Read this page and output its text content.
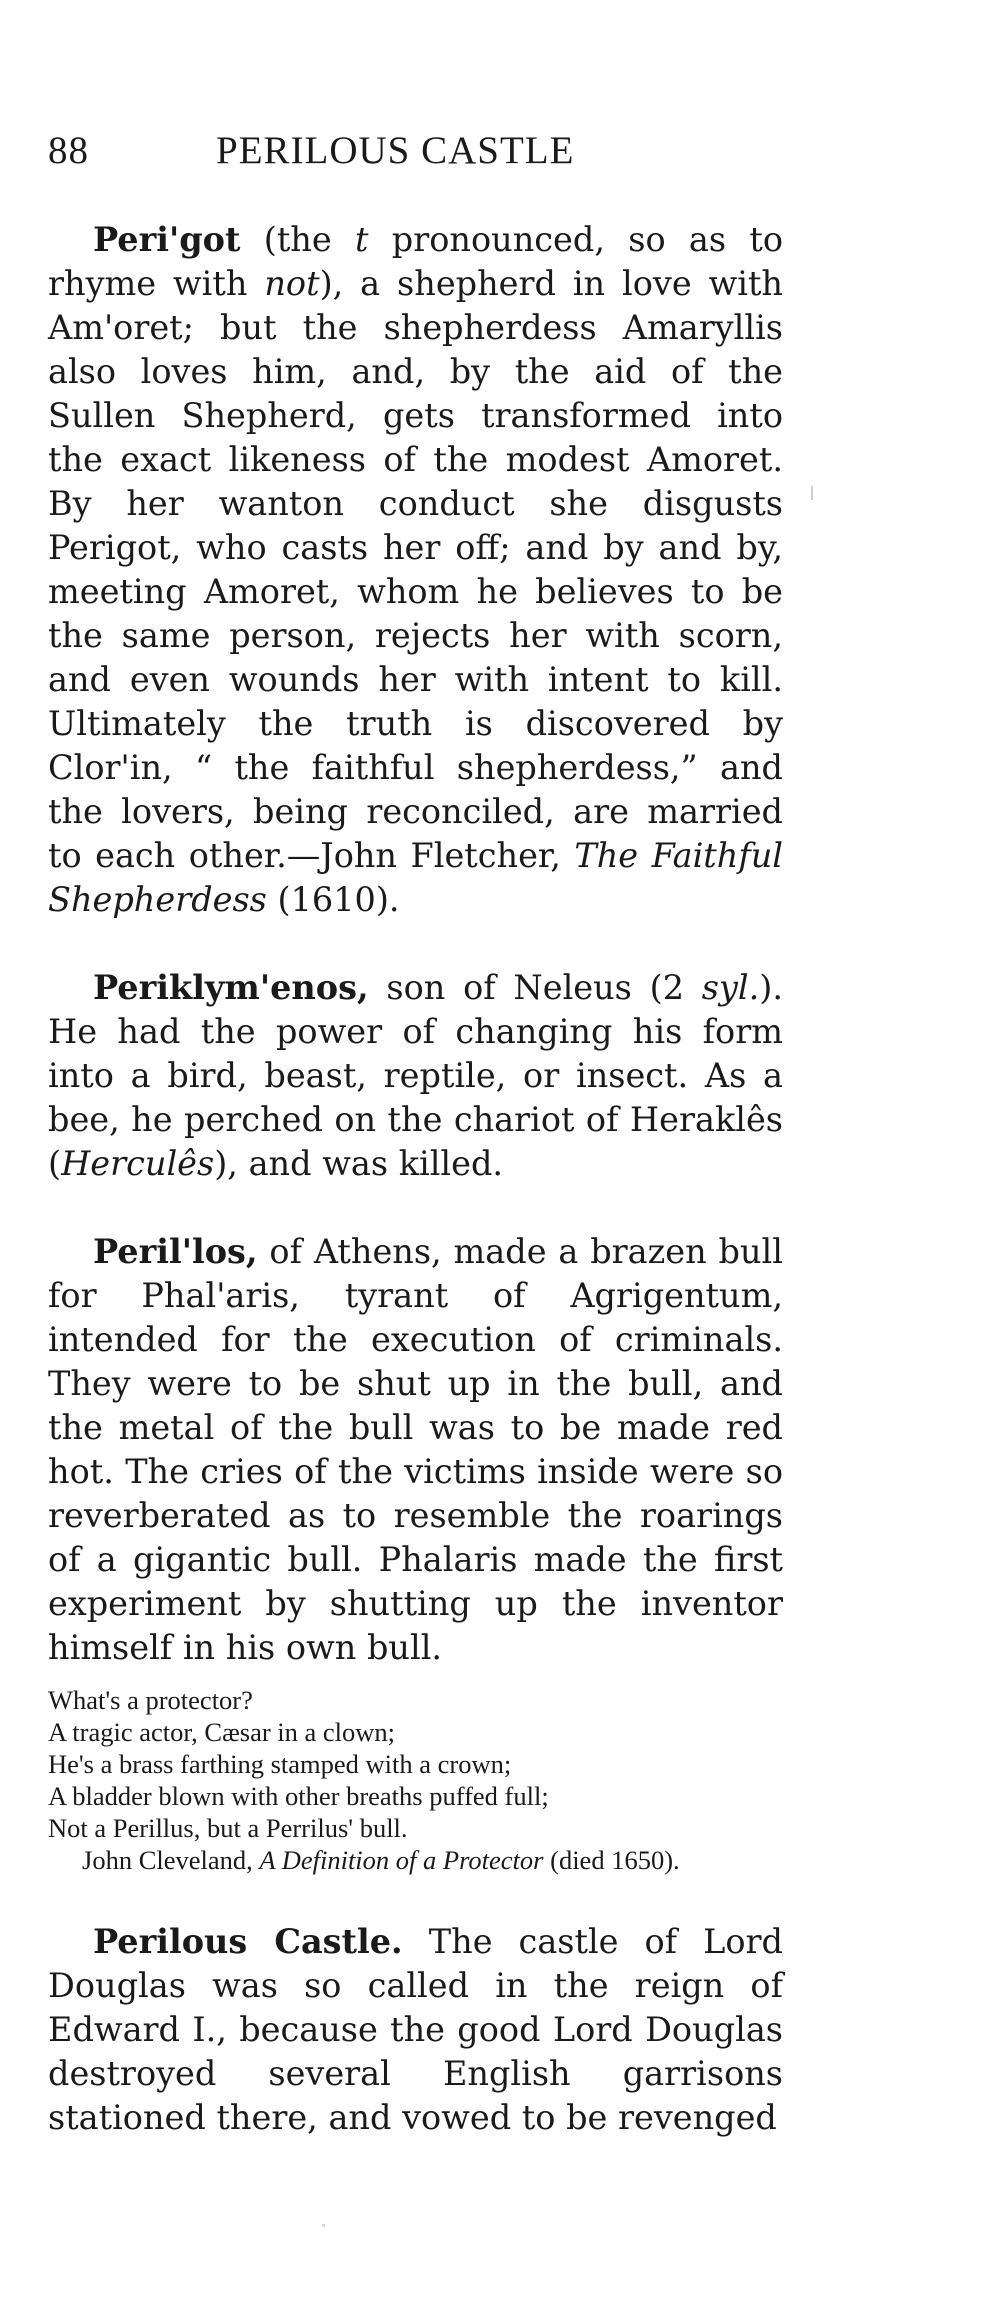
88	PERILOUS CASTLE

Peri'got (the t pronounced, so as to rhyme with not), a shepherd in love with Am'oret; but the shepherdess Amaryllis also loves him, and, by the aid of the Sullen Shepherd, gets transformed into the exact likeness of the modest Amoret. By her wanton conduct she disgusts Perigot, who casts her off; and by and by, meeting Amoret, whom he believes to be the same person, rejects her with scorn, and even wounds her with intent to kill. Ultimately the truth is discovered by Clor'in, “ the faithful shepherdess,” and the lovers, being reconciled, are married to each other.—John Fletcher, The Faithful Shepherdess (1610).

Periklym'enos, son of Neleus (2 syl.). He had the power of changing his form into a bird, beast, reptile, or insect. As a bee, he perched on the chariot of Heraklês (Herculês), and was killed.

Peril'los, of Athens, made a brazen bull for Phal'aris, tyrant of Agrigentum, intended for the execution of criminals. They were to be shut up in the bull, and the metal of the bull was to be made red hot. The cries of the victims inside were so reverberated as to resemble the roarings of a gigantic bull. Phalaris made the first experiment by shutting up the inventor himself in his own bull.

What's a protector?
A tragic actor, Cæsar in a clown;
He's a brass farthing stamped with a crown;
A bladder blown with other breaths puffed full;
Not a Perillus, but a Perrilus' bull.
John Cleveland, A Definition of a Protector (died 1650).

Perilous Castle. The castle of Lord Douglas was so called in the reign of Edward I., because the good Lord Douglas destroyed several English garrisons stationed there, and vowed to be revenged
